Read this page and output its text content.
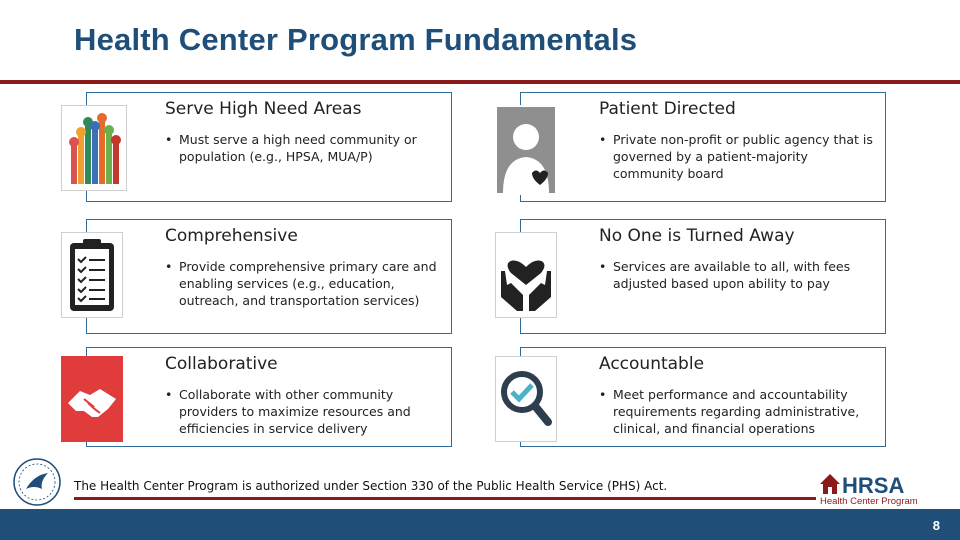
Health Center Program Fundamentals
Serve High Need Areas
• Must serve a high need community or population (e.g., HPSA, MUA/P)
Patient Directed
• Private non-profit or public agency that is governed by a patient-majority community board
Comprehensive
• Provide comprehensive primary care and enabling services (e.g., education, outreach, and transportation services)
No One is Turned Away
• Services are available to all, with fees adjusted based upon ability to pay
Collaborative
• Collaborate with other community providers to maximize resources and efficiencies in service delivery
Accountable
• Meet performance and accountability requirements regarding administrative, clinical, and financial operations
The Health Center Program is authorized under Section 330 of the Public Health Service (PHS) Act.	HRSA
Health Center Program
8
